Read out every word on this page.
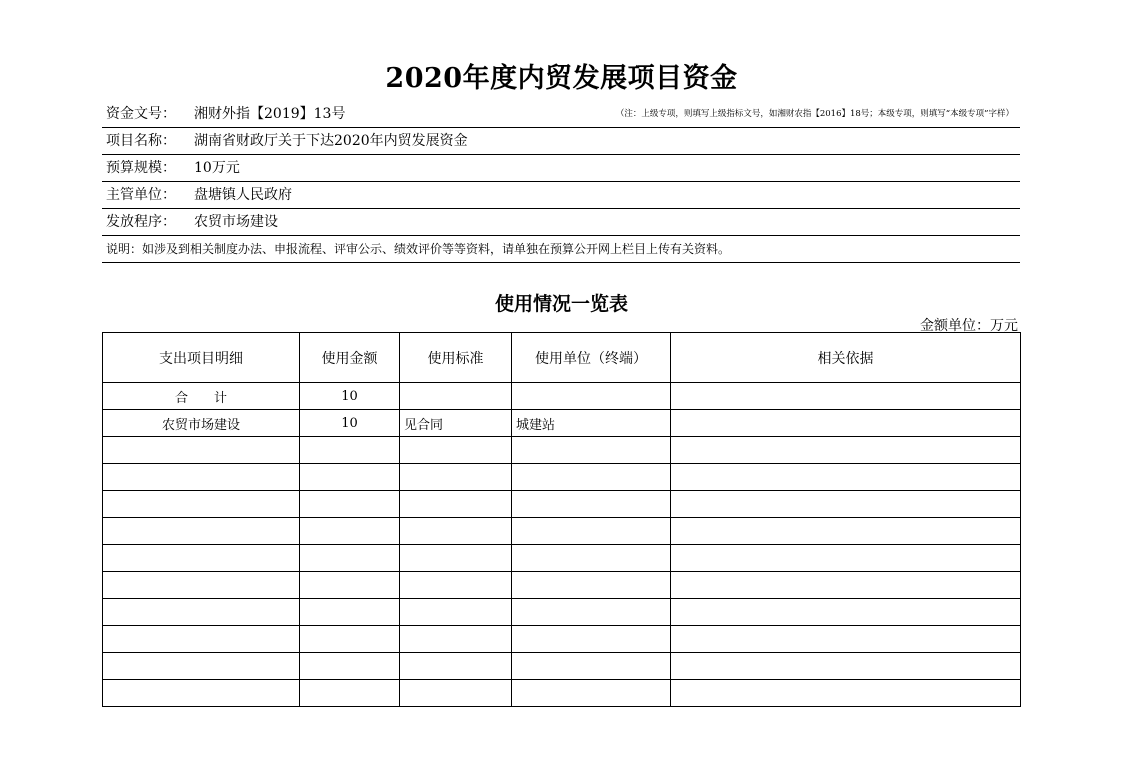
2020年度内贸发展项目资金
资金文号： 湘财外指【2019】13号	（注：上级专项，则填写上级指标文号，如湘财农指【2016】18号；本级专项，则填写“本级专项”字样）
项目名称： 湖南省财政厅关于下达2020年内贸发展资金
预算规模： 10万元
主管单位： 盘塘镇人民政府
发放程序： 农贸市场建设
说明：如涉及到相关制度办法、申报流程、评审公示、绩效评价等等资料，请单独在预算公开网上栏目上传有关资料。
使用情况一览表
金额单位：万元
支出项目明细	使用金额	使用标准	使用单位（终端）	相关依据
合　　计	10			
农贸市场建设	10	见合同	城建站	
